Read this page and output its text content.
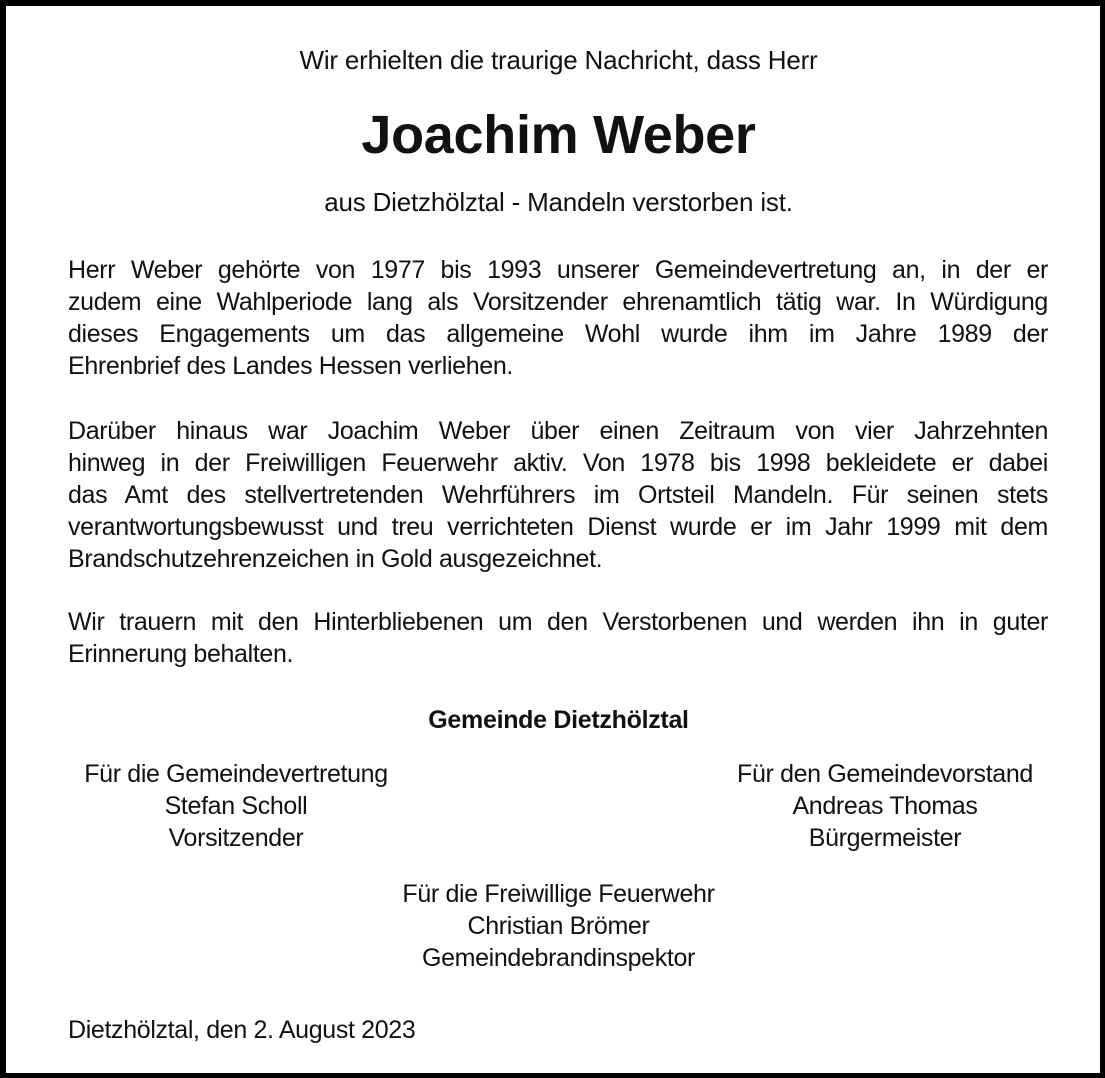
Wir erhielten die traurige Nachricht, dass Herr
Joachim Weber
aus Dietzhölztal - Mandeln verstorben ist.
Herr Weber gehörte von 1977 bis 1993 unserer Gemeindevertretung an, in der er
zudem eine Wahlperiode lang als Vorsitzender ehrenamtlich tätig war. In Würdigung
dieses Engagements um das allgemeine Wohl wurde ihm im Jahre 1989 der
Ehrenbrief des Landes Hessen verliehen.
Darüber hinaus war Joachim Weber über einen Zeitraum von vier Jahrzehnten
hinweg in der Freiwilligen Feuerwehr aktiv. Von 1978 bis 1998 bekleidete er dabei
das Amt des stellvertretenden Wehrführers im Ortsteil Mandeln. Für seinen stets
verantwortungsbewusst und treu verrichteten Dienst wurde er im Jahr 1999 mit dem
Brandschutzehrenzeichen in Gold ausgezeichnet.
Wir trauern mit den Hinterbliebenen um den Verstorbenen und werden ihn in guter
Erinnerung behalten.
Gemeinde Dietzhölztal
Für die Gemeindevertretung
Stefan Scholl
Vorsitzender
Für den Gemeindevorstand
Andreas Thomas
Bürgermeister
Für die Freiwillige Feuerwehr
Christian Brömer
Gemeindebrandinspektor
Dietzhölztal, den 2. August 2023
